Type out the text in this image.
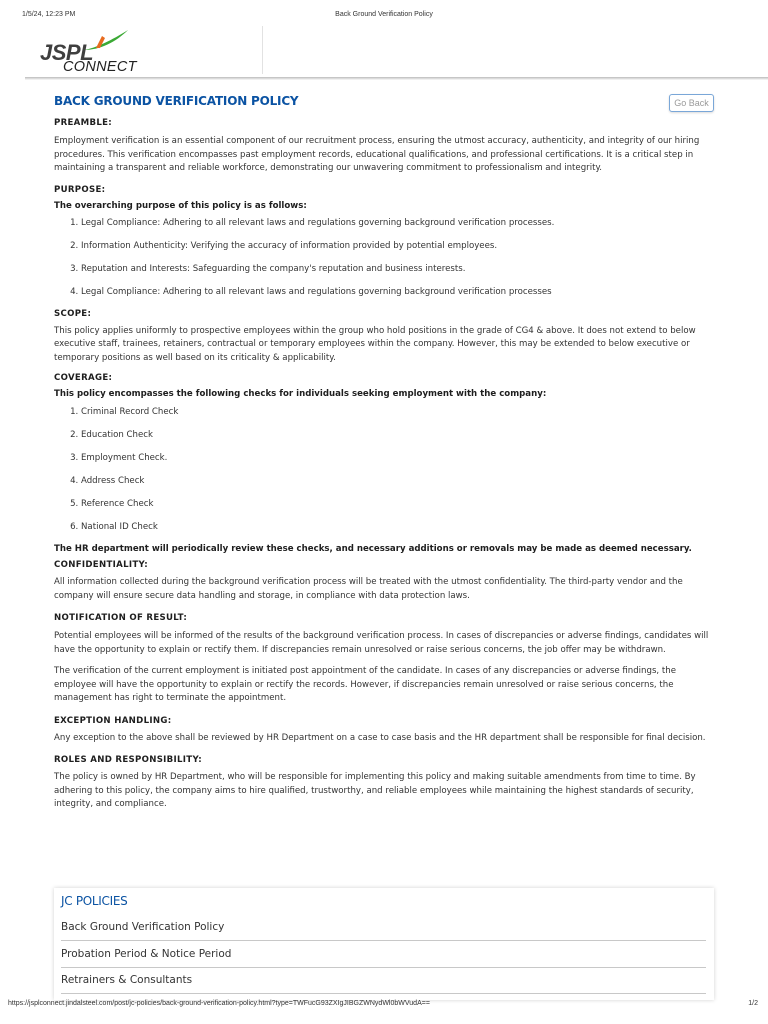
1/5/24, 12:23 PM	Back Ground Verification Policy
JSPL
CONNECT
BACK GROUND VERIFICATION POLICY	Go Back

PREAMBLE:

Employment verification is an essential component of our recruitment process, ensuring the utmost accuracy, authenticity, and integrity of our hiring procedures. This verification encompasses past employment records, educational qualifications, and professional certifications. It is a critical step in maintaining a transparent and reliable workforce, demonstrating our unwavering commitment to professionalism and integrity.

PURPOSE:

The overarching purpose of this policy is as follows:

1. Legal Compliance: Adhering to all relevant laws and regulations governing background verification processes.
2. Information Authenticity: Verifying the accuracy of information provided by potential employees.
3. Reputation and Interests: Safeguarding the company's reputation and business interests.
4. Legal Compliance: Adhering to all relevant laws and regulations governing background verification processes

SCOPE:

This policy applies uniformly to prospective employees within the group who hold positions in the grade of CG4 & above. It does not extend to below executive staff, trainees, retainers, contractual or temporary employees within the company. However, this may be extended to below executive or temporary positions as well based on its criticality & applicability.

COVERAGE:

This policy encompasses the following checks for individuals seeking employment with the company:

1. Criminal Record Check
2. Education Check
3. Employment Check.
4. Address Check
5. Reference Check
6. National ID Check

The HR department will periodically review these checks, and necessary additions or removals may be made as deemed necessary.

CONFIDENTIALITY:

All information collected during the background verification process will be treated with the utmost confidentiality. The third-party vendor and the company will ensure secure data handling and storage, in compliance with data protection laws.

NOTIFICATION OF RESULT:

Potential employees will be informed of the results of the background verification process. In cases of discrepancies or adverse findings, candidates will have the opportunity to explain or rectify them. If discrepancies remain unresolved or raise serious concerns, the job offer may be withdrawn.

The verification of the current employment is initiated post appointment of the candidate. In cases of any discrepancies or adverse findings, the employee will have the opportunity to explain or rectify the records. However, if discrepancies remain unresolved or raise serious concerns, the management has right to terminate the appointment.

EXCEPTION HANDLING:

Any exception to the above shall be reviewed by HR Department on a case to case basis and the HR department shall be responsible for final decision.

ROLES AND RESPONSIBILITY:

The policy is owned by HR Department, who will be responsible for implementing this policy and making suitable amendments from time to time. By adhering to this policy, the company aims to hire qualified, trustworthy, and reliable employees while maintaining the highest standards of security, integrity, and compliance.

JC POLICIES
Back Ground Verification Policy
Probation Period & Notice Period
Retrainers & Consultants
https://jsplconnect.jindalsteel.com/post/jc-policies/back-ground-verification-policy.html?type=TWFucG93ZXIgJIBGZWNydWl0bWVudA==	1/2
